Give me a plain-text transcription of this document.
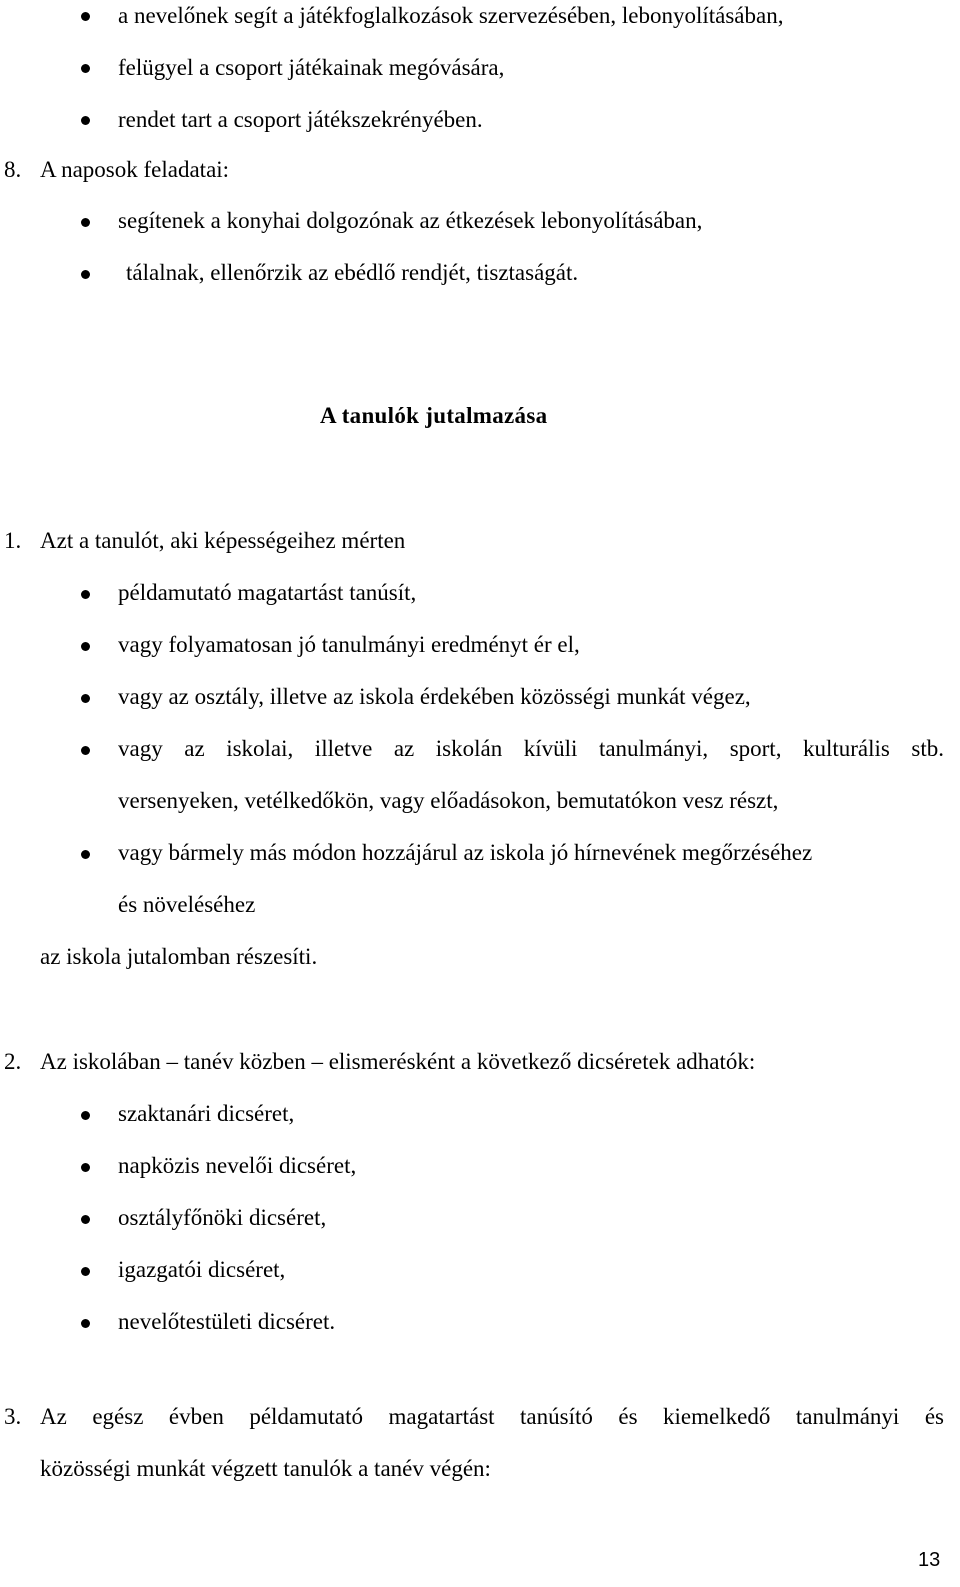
a nevelőnek segít a játékfoglalkozások szervezésében, lebonyolításában,
felügyel a csoport játékainak megóvására,
rendet tart a csoport játékszekrényében.
8. A naposok feladatai:
segítenek a konyhai dolgozónak az étkezések lebonyolításában,
tálalnak, ellenőrzik az ebédlő rendjét, tisztaságát.
A tanulók jutalmazása
1. Azt a tanulót, aki képességeihez mérten
példamutató magatartást tanúsít,
vagy folyamatosan jó tanulmányi eredményt ér el,
vagy az osztály, illetve az iskola érdekében közösségi munkát végez,
vagy az iskolai, illetve az iskolán kívüli tanulmányi, sport, kulturális stb.
versenyeken, vetélkedőkön, vagy előadásokon, bemutatókon vesz részt,
vagy bármely más módon hozzájárul az iskola jó hírnevének megőrzéséhez
és növeléséhez
az iskola jutalomban részesíti.
2. Az iskolában – tanév közben – elismerésként a következő dicséretek adhatók:
szaktanári dicséret,
napközis nevelői dicséret,
osztályfőnöki dicséret,
igazgatói dicséret,
nevelőtestületi dicséret.
3. Az egész évben példamutató magatartást tanúsító és kiemelkedő tanulmányi és
közösségi munkát végzett tanulók a tanév végén:
13
